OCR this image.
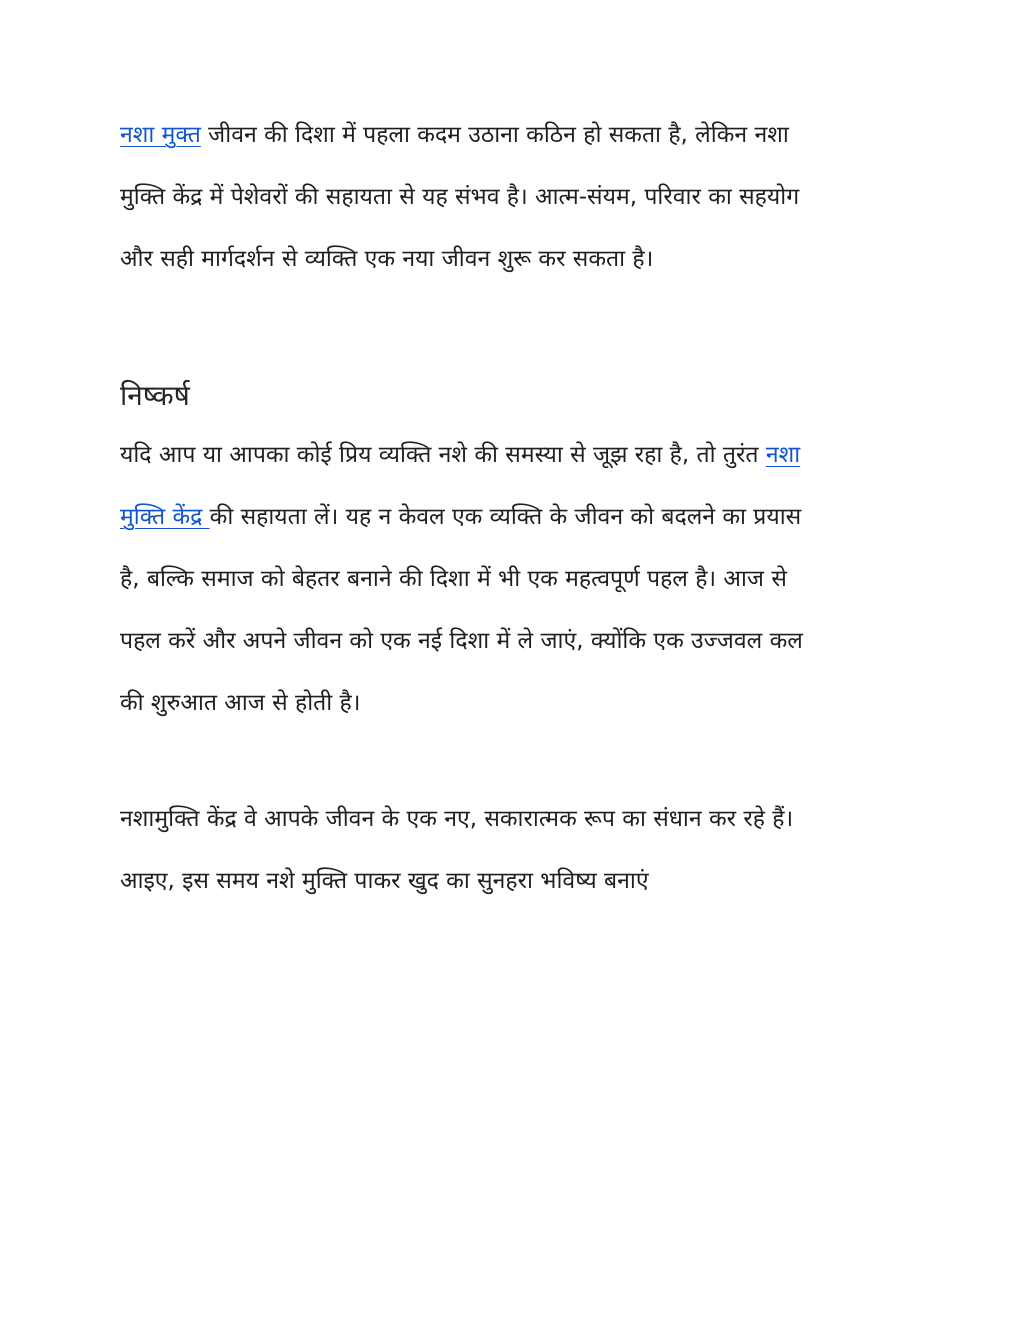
नशा मुक्त जीवन की दिशा में पहला कदम उठाना कठिन हो सकता है, लेकिन नशा
मुक्ति केंद्र में पेशेवरों की सहायता से यह संभव है। आत्म-संयम, परिवार का सहयोग
और सही मार्गदर्शन से व्यक्ति एक नया जीवन शुरू कर सकता है।
निष्कर्ष
यदि आप या आपका कोई प्रिय व्यक्ति नशे की समस्या से जूझ रहा है, तो तुरंत नशा
मुक्ति केंद्र की सहायता लें। यह न केवल एक व्यक्ति के जीवन को बदलने का प्रयास
है, बल्कि समाज को बेहतर बनाने की दिशा में भी एक महत्वपूर्ण पहल है। आज से
पहल करें और अपने जीवन को एक नई दिशा में ले जाएं, क्योंकि एक उज्जवल कल
की शुरुआत आज से होती है।
नशामुक्ति केंद्र वे आपके जीवन के एक नए, सकारात्मक रूप का संधान कर रहे हैं।
आइए, इस समय नशे मुक्ति पाकर खुद का सुनहरा भविष्य बनाएं
